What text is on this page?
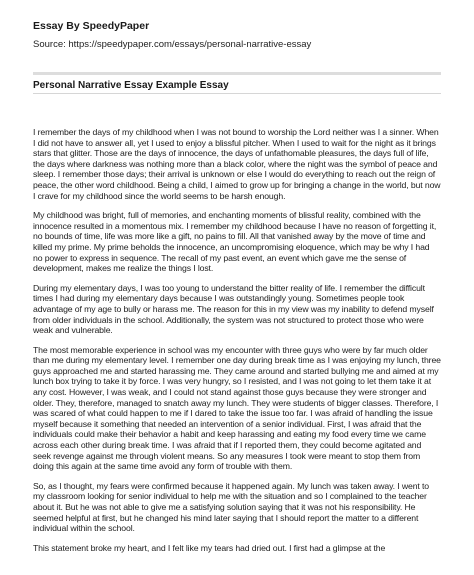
Essay By SpeedyPaper

Source: https://speedypaper.com/essays/personal-narrative-essay

Personal Narrative Essay Example Essay

I remember the days of my childhood when I was not bound to worship the Lord neither was I a sinner. When I did not have to answer all, yet I used to enjoy a blissful pitcher. When I used to wait for the night as it brings stars that glitter. Those are the days of innocence, the days of unfathomable pleasures, the days full of life, the days where darkness was nothing more than a black color, where the night was the symbol of peace and sleep. I remember those days; their arrival is unknown or else I would do everything to reach out the reign of peace, the other word childhood. Being a child, I aimed to grow up for bringing a change in the world, but now I crave for my childhood since the world seems to be harsh enough.

My childhood was bright, full of memories, and enchanting moments of blissful reality, combined with the innocence resulted in a momentous mix. I remember my childhood because I have no reason of forgetting it, no bounds of time, life was more like a gift, no pains to fill. All that vanished away by the move of time and killed my prime. My prime beholds the innocence, an uncompromising eloquence, which may be why I had no power to express in sequence. The recall of my past event, an event which gave me the sense of development, makes me realize the things I lost.

During my elementary days, I was too young to understand the bitter reality of life. I remember the difficult times I had during my elementary days because I was outstandingly young. Sometimes people took advantage of my age to bully or harass me. The reason for this in my view was my inability to defend myself from older individuals in the school. Additionally, the system was not structured to protect those who were weak and vulnerable.

The most memorable experience in school was my encounter with three guys who were by far much older than me during my elementary level. I remember one day during break time as I was enjoying my lunch, three guys approached me and started harassing me. They came around and started bullying me and aimed at my lunch box trying to take it by force. I was very hungry, so I resisted, and I was not going to let them take it at any cost. However, I was weak, and I could not stand against those guys because they were stronger and older. They, therefore, managed to snatch away my lunch. They were students of bigger classes. Therefore, I was scared of what could happen to me if I dared to take the issue too far. I was afraid of handling the issue myself because it something that needed an intervention of a senior individual. First, I was afraid that the individuals could make their behavior a habit and keep harassing and eating my food every time we came across each other during break time. I was afraid that if I reported them, they could become agitated and seek revenge against me through violent means. So any measures I took were meant to stop them from doing this again at the same time avoid any form of trouble with them.

So, as I thought, my fears were confirmed because it happened again. My lunch was taken away. I went to my classroom looking for senior individual to help me with the situation and so I complained to the teacher about it. But he was not able to give me a satisfying solution saying that it was not his responsibility. He seemed helpful at first, but he changed his mind later saying that I should report the matter to a different individual within the school.

This statement broke my heart, and I felt like my tears had dried out. I first had a glimpse at the
